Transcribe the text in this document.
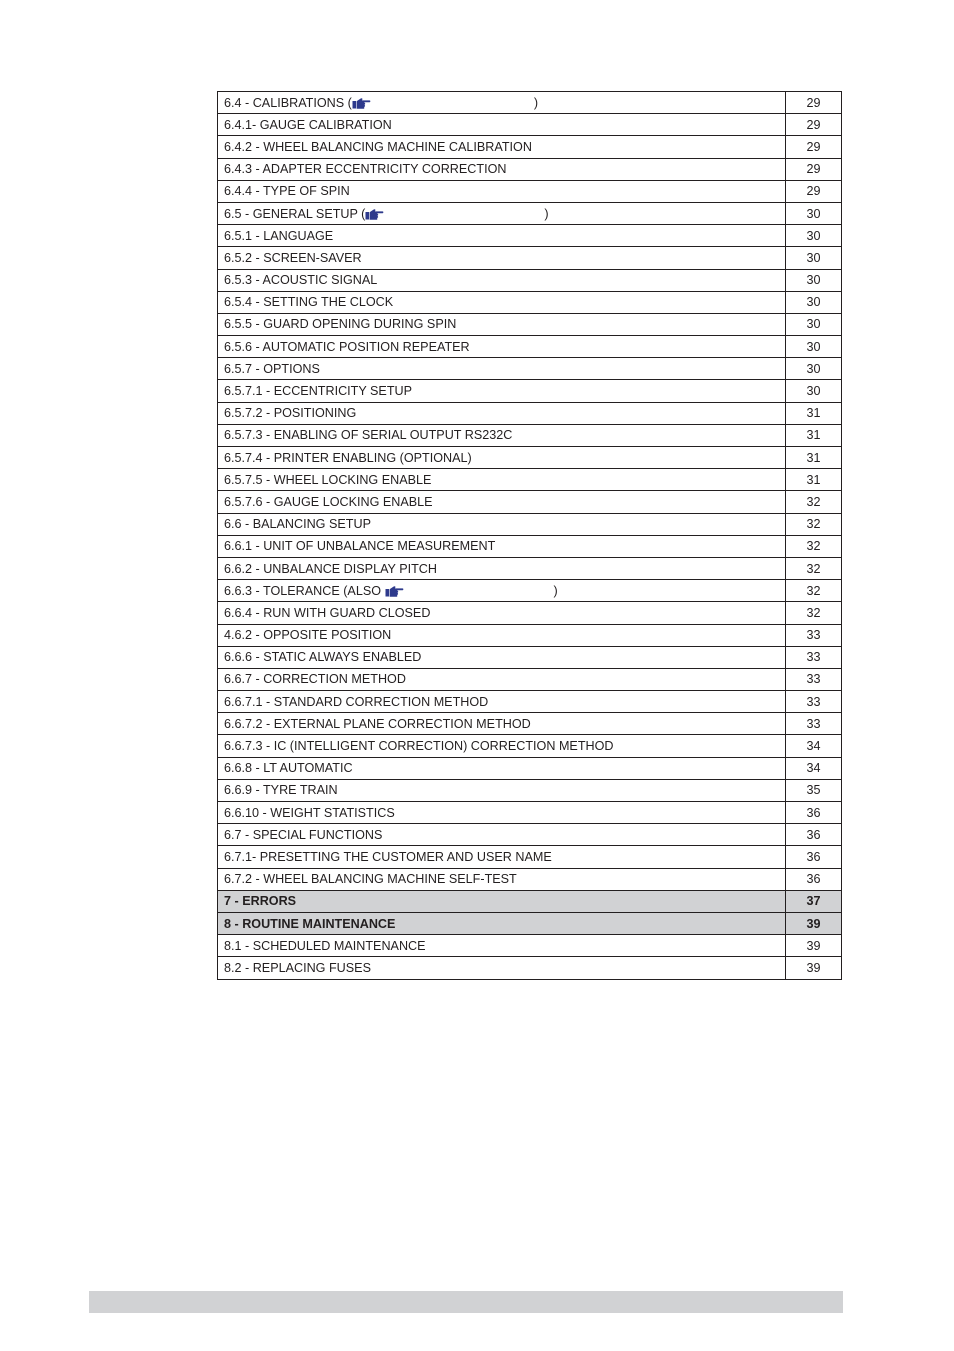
6.4 - CALIBRATIONS ( )	29
6.4.1- GAUGE CALIBRATION	29
6.4.2 - WHEEL BALANCING MACHINE CALIBRATION	29
6.4.3 - ADAPTER ECCENTRICITY CORRECTION	29
6.4.4 - TYPE OF SPIN	29
6.5 - GENERAL SETUP ( )	30
6.5.1 - LANGUAGE	30
6.5.2 - SCREEN-SAVER	30
6.5.3 - ACOUSTIC SIGNAL	30
6.5.4 - SETTING THE CLOCK	30
6.5.5 - GUARD OPENING DURING SPIN	30
6.5.6 - AUTOMATIC POSITION REPEATER	30
6.5.7 - OPTIONS	30
6.5.7.1 - ECCENTRICITY SETUP	30
6.5.7.2 - POSITIONING	31
6.5.7.3 - ENABLING OF SERIAL OUTPUT RS232C	31
6.5.7.4 - PRINTER ENABLING (OPTIONAL)	31
6.5.7.5 - WHEEL LOCKING ENABLE	31
6.5.7.6 - GAUGE LOCKING ENABLE	32
6.6 - BALANCING SETUP	32
6.6.1 - UNIT OF UNBALANCE MEASUREMENT	32
6.6.2 - UNBALANCE DISPLAY PITCH	32
6.6.3 - TOLERANCE (ALSO )	32
6.6.4 - RUN WITH GUARD CLOSED	32
4.6.2 - OPPOSITE POSITION	33
6.6.6 - STATIC ALWAYS ENABLED	33
6.6.7 - CORRECTION METHOD	33
6.6.7.1 - STANDARD CORRECTION METHOD	33
6.6.7.2 - EXTERNAL PLANE CORRECTION METHOD	33
6.6.7.3 - IC (INTELLIGENT CORRECTION) CORRECTION METHOD	34
6.6.8 - LT AUTOMATIC	34
6.6.9 - TYRE TRAIN	35
6.6.10 - WEIGHT STATISTICS	36
6.7 - SPECIAL FUNCTIONS	36
6.7.1- PRESETTING THE CUSTOMER AND USER NAME	36
6.7.2 - WHEEL BALANCING MACHINE SELF-TEST	36
7 - ERRORS	37
8 - ROUTINE MAINTENANCE	39
8.1 - SCHEDULED MAINTENANCE	39
8.2 - REPLACING FUSES	39
